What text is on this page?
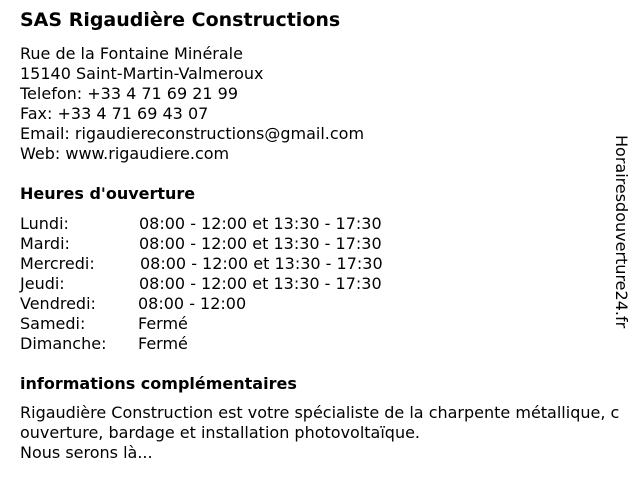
SAS Rigaudière Constructions
Rue de la Fontaine Minérale
15140 Saint-Martin-Valmeroux
Telefon: +33 4 71 69 21 99
Fax: +33 4 71 69 43 07
Email: rigaudiereconstructions@gmail.com
Web: www.rigaudiere.com
Heures d'ouverture
Lundi:	08:00 - 12:00 et 13:30 - 17:30
Mardi:	08:00 - 12:00 et 13:30 - 17:30
Mercredi:	08:00 - 12:00 et 13:30 - 17:30
Jeudi:	08:00 - 12:00 et 13:30 - 17:30
Vendredi:	08:00 - 12:00
Samedi:	Fermé
Dimanche: Fermé
informations complémentaires
Rigaudière Construction est votre spécialiste de la charpente métallique, couverture, bardage et installation photovoltaïque.
Nous serons là...
Horairesdouverture24.fr
